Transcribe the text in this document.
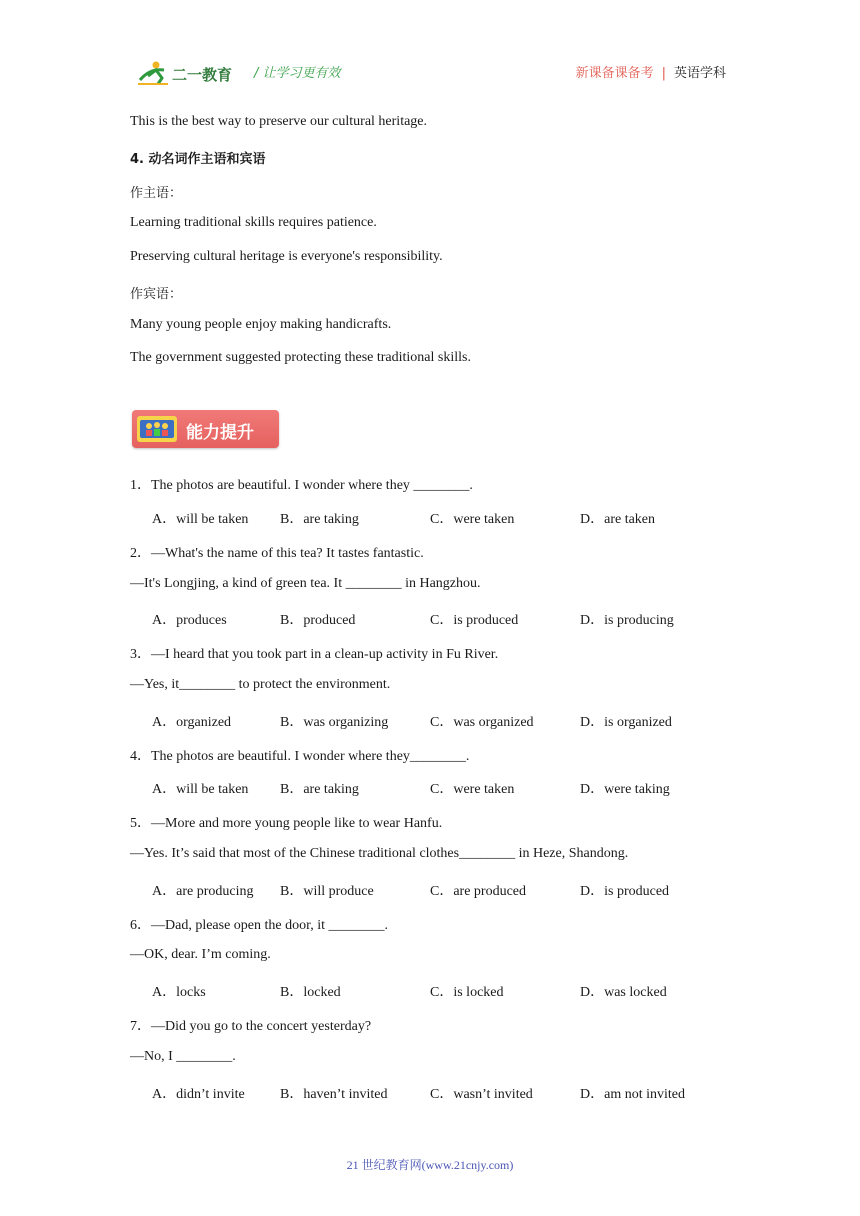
二一教育 / 让学习更有效	新课备课备考 | 英语学科
This is the best way to preserve our cultural heritage.
4. 动名词作主语和宾语
作主语：
Learning traditional skills requires patience.
Preserving cultural heritage is everyone's responsibility.
作宾语：
Many young people enjoy making handicrafts.
The government suggested protecting these traditional skills.
能力提升
1．The photos are beautiful. I wonder where they ________.
A．will be taken B．are taking	C．were taken	D．are taken
2．—What's the name of this tea? It tastes fantastic.
—It's Longjing, a kind of green tea. It ________ in Hangzhou.
A．produces	B．produced	C．is produced	D．is producing
3．—I heard that you took part in a clean-up activity in Fu River.
—Yes, it________ to protect the environment.
A．organized	B．was organizing	C．was organized	D．is organized
4．The photos are beautiful. I wonder where they________.
A．will be taken B．are taking	C．were taken	D．were taking
5．—More and more young people like to wear Hanfu.
—Yes. It’s said that most of the Chinese traditional clothes________ in Heze, Shandong.
A．are producing B．will produce	C．are produced	D．is produced
6．—Dad, please open the door, it ________.
—OK, dear. I’m coming.
A．locks	B．locked	C．is locked	D．was locked
7．—Did you go to the concert yesterday?
—No, I ________.
A．didn’t invite	B．haven’t invited	C．wasn’t invited	D．am not invited
21 世纪教育网(www.21cnjy.com)
